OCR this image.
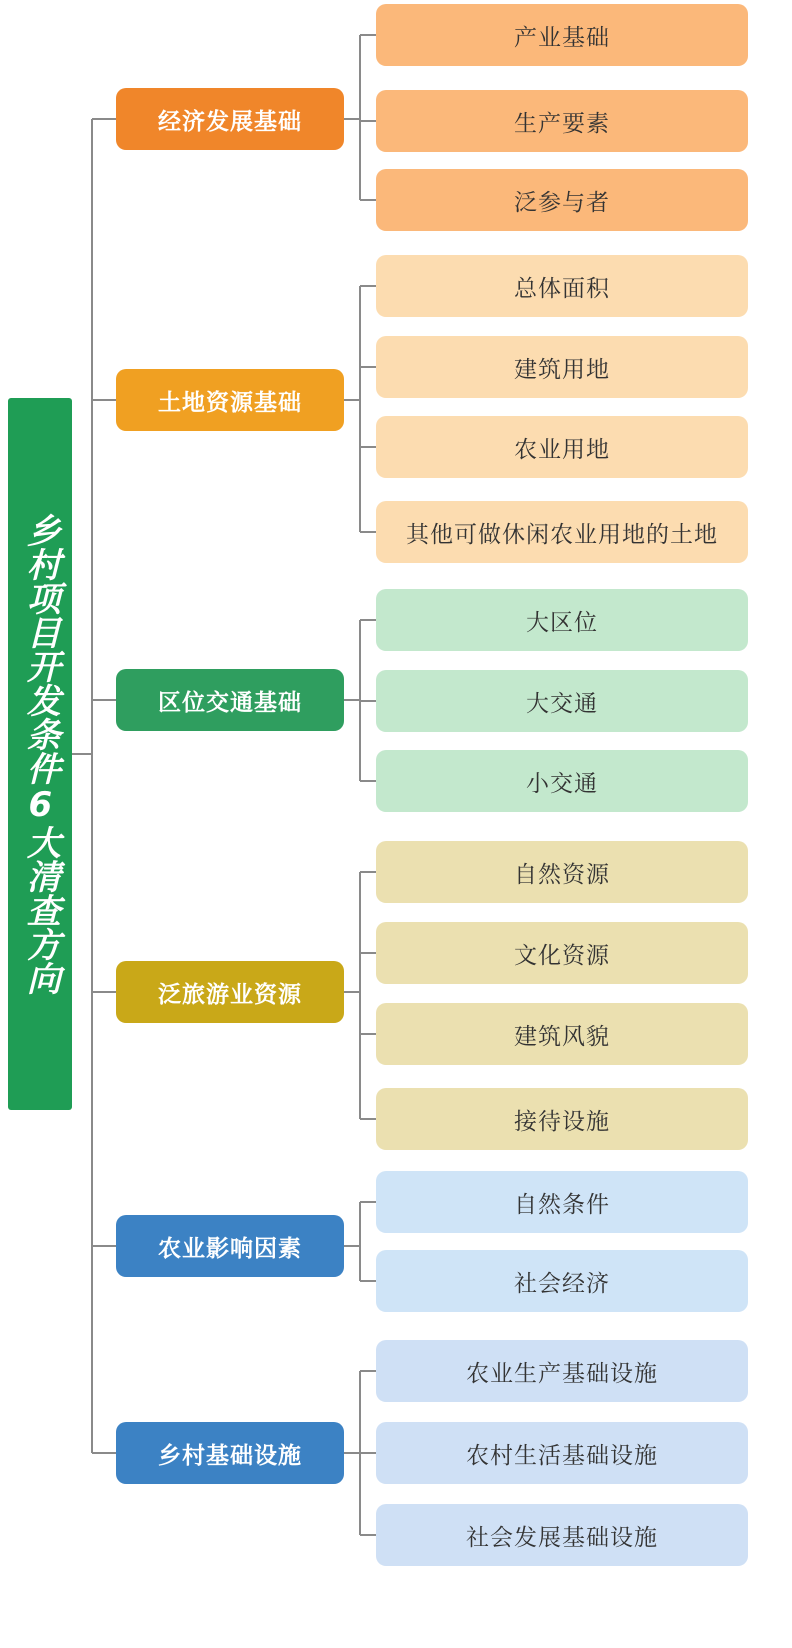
乡村项目开发条件6大清查方向
经济发展基础
产业基础
生产要素
泛参与者
土地资源基础
总体面积
建筑用地
农业用地
其他可做休闲农业用地的土地
区位交通基础
大区位
大交通
小交通
泛旅游业资源
自然资源
文化资源
建筑风貌
接待设施
农业影响因素
自然条件
社会经济
乡村基础设施
农业生产基础设施
农村生活基础设施
社会发展基础设施
